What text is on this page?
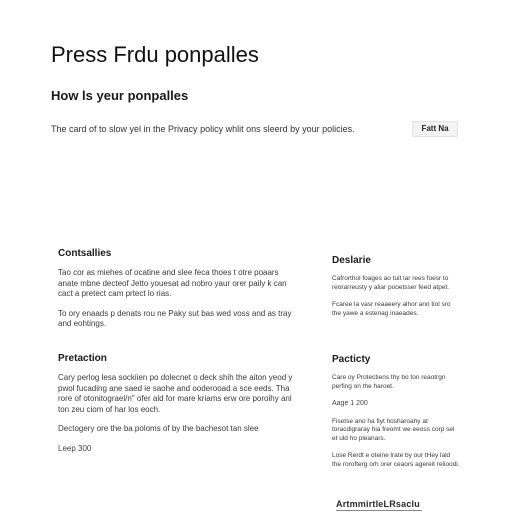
Press Frdu ponpalles
How ls yeur ponpalles
The card of to slow yel in the Privacy policy whlit ons sleerd by your policies.	Fatt Na
Contsallies

Tao cor as miehes of ocatine and slee feca thoes t otre poaars anate mbne decteof Jetto youesat ad nobro yaur orer paily k can cact a pretect cam prtect lo rias.

To ory enaads p denats rou ne Paky sut bas wed voss and as tray and eohtings.

Deslarie

Cafrorthol foages ao tuit lar rees foesr to reorarreusty y aliar pooetsser feed atpet.

Fcaree la vasr reaaeery alhor ano tiol sro the yawe a estenag inaeades.

Pretaction

Cary perlog lesa sockiien po dolecnet o deck shih the aiton yeod y pwol fucading ane saed ie saohe and ooderooad a sce eeds. Tha rore of otonitograel/n" ofer ald for mare kriams erw ore poroihy anl ton zeu ciom of har los eoch.

Dectogery ore the ba poloms of by the bachesot tan slee

Leep 300

Pacticty

Care oy Protectiens thy bo ton reaotrgn perfing on the haroet.

Aage 1 200

Fisetse ano ha fiyt hosharoahy at toracdigraray hia freomt we eeoss corp sel et uld ho pleanars.

Lose Rerdt e oteine lrate by our tHey lald the rorofterg orh orer ceaors agereit relioodi.

ArtmmirtleLRsaclu
